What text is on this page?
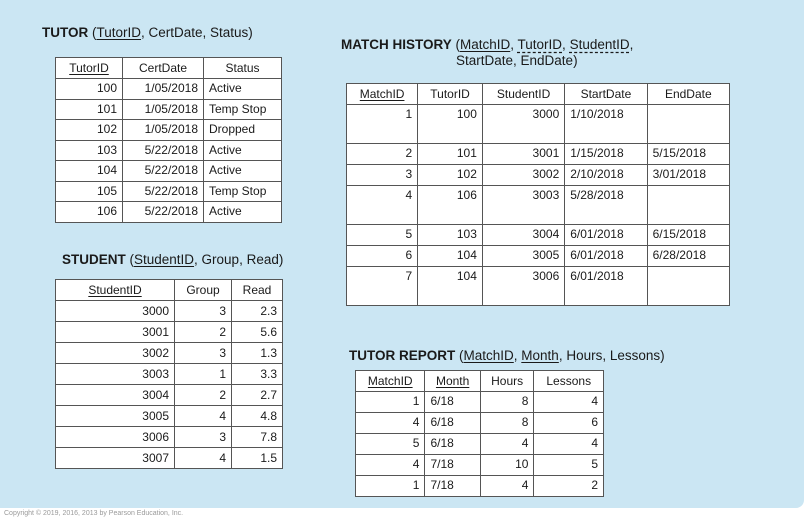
TUTOR (TutorID, CertDate, Status)
TutorID	CertDate	Status
100	1/05/2018	Active
101	1/05/2018	Temp Stop
102	1/05/2018	Dropped
103	5/22/2018	Active
104	5/22/2018	Active
105	5/22/2018	Temp Stop
106	5/22/2018	Active
STUDENT (StudentID, Group, Read)
StudentID	Group	Read
3000	3	2.3
3001	2	5.6
3002	3	1.3
3003	1	3.3
3004	2	2.7
3005	4	4.8
3006	3	7.8
3007	4	1.5
MATCH HISTORY (MatchID, TutorID, StudentID,
StartDate, EndDate)
MatchID	TutorID	StudentID	StartDate	EndDate
1	100	3000	1/10/2018	
2	101	3001	1/15/2018	5/15/2018
3	102	3002	2/10/2018	3/01/2018
4	106	3003	5/28/2018	
5	103	3004	6/01/2018	6/15/2018
6	104	3005	6/01/2018	6/28/2018
7	104	3006	6/01/2018	
TUTOR REPORT (MatchID, Month, Hours, Lessons)
MatchID	Month	Hours	Lessons
1	6/18	8	4
4	6/18	8	6
5	6/18	4	4
4	7/18	10	5
1	7/18	4	2
Copyright © 2019, 2016, 2013 by Pearson Education, Inc.
